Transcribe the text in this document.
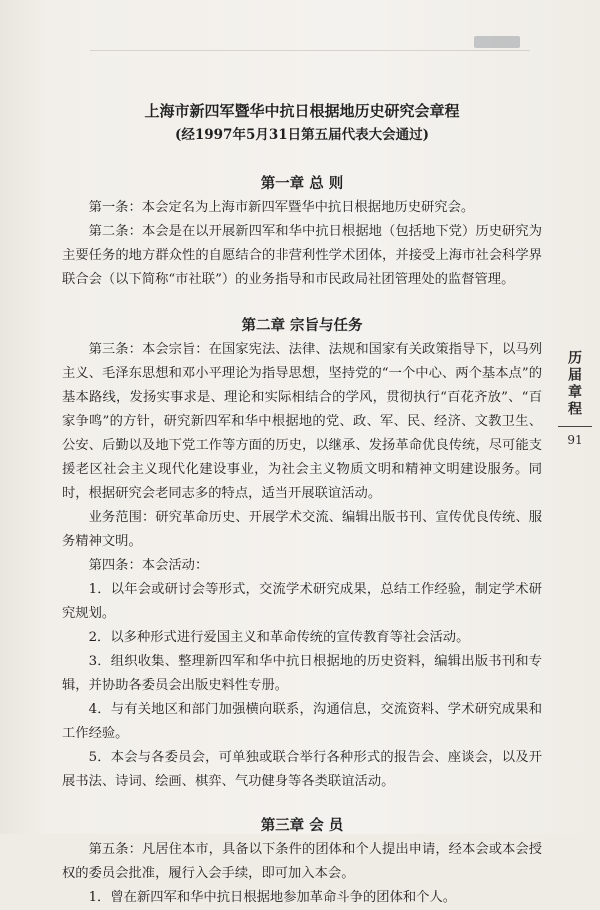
上海市新四军暨华中抗日根据地历史研究会章程
(经1997年5月31日第五届代表大会通过)
第一章 总 则

第一条：本会定名为上海市新四军暨华中抗日根据地历史研究会。

第二条：本会是在以开展新四军和华中抗日根据地（包括地下党）历史研究为主要任务的地方群众性的自愿结合的非营利性学术团体，并接受上海市社会科学界联合会（以下简称“市社联”）的业务指导和市民政局社团管理处的监督管理。

第二章 宗旨与任务

第三条：本会宗旨：在国家宪法、法律、法规和国家有关政策指导下，以马列主义、毛泽东思想和邓小平理论为指导思想，坚持党的“一个中心、两个基本点”的基本路线，发扬实事求是、理论和实际相结合的学风，贯彻执行“百花齐放”、“百家争鸣”的方针，研究新四军和华中根据地的党、政、军、民、经济、文教卫生、公安、后勤以及地下党工作等方面的历史，以继承、发扬革命优良传统，尽可能支援老区社会主义现代化建设事业，为社会主义物质文明和精神文明建设服务。同时，根据研究会老同志多的特点，适当开展联谊活动。

业务范围：研究革命历史、开展学术交流、编辑出版书刊、宣传优良传统、服务精神文明。

第四条：本会活动：

1．以年会或研讨会等形式，交流学术研究成果，总结工作经验，制定学术研究规划。

2．以多种形式进行爱国主义和革命传统的宣传教育等社会活动。

3．组织收集、整理新四军和华中抗日根据地的历史资料，编辑出版书刊和专辑，并协助各委员会出版史料性专册。

4．与有关地区和部门加强横向联系，沟通信息，交流资料、学术研究成果和工作经验。

5．本会与各委员会，可单独或联合举行各种形式的报告会、座谈会，以及开展书法、诗词、绘画、棋弈、气功健身等各类联谊活动。

第三章 会 员

第五条：凡居住本市，具备以下条件的团体和个人提出申请，经本会或本会授权的委员会批准，履行入会手续，即可加入本会。

1．曾在新四军和华中抗日根据地参加革命斗争的团体和个人。

历届章程
91
